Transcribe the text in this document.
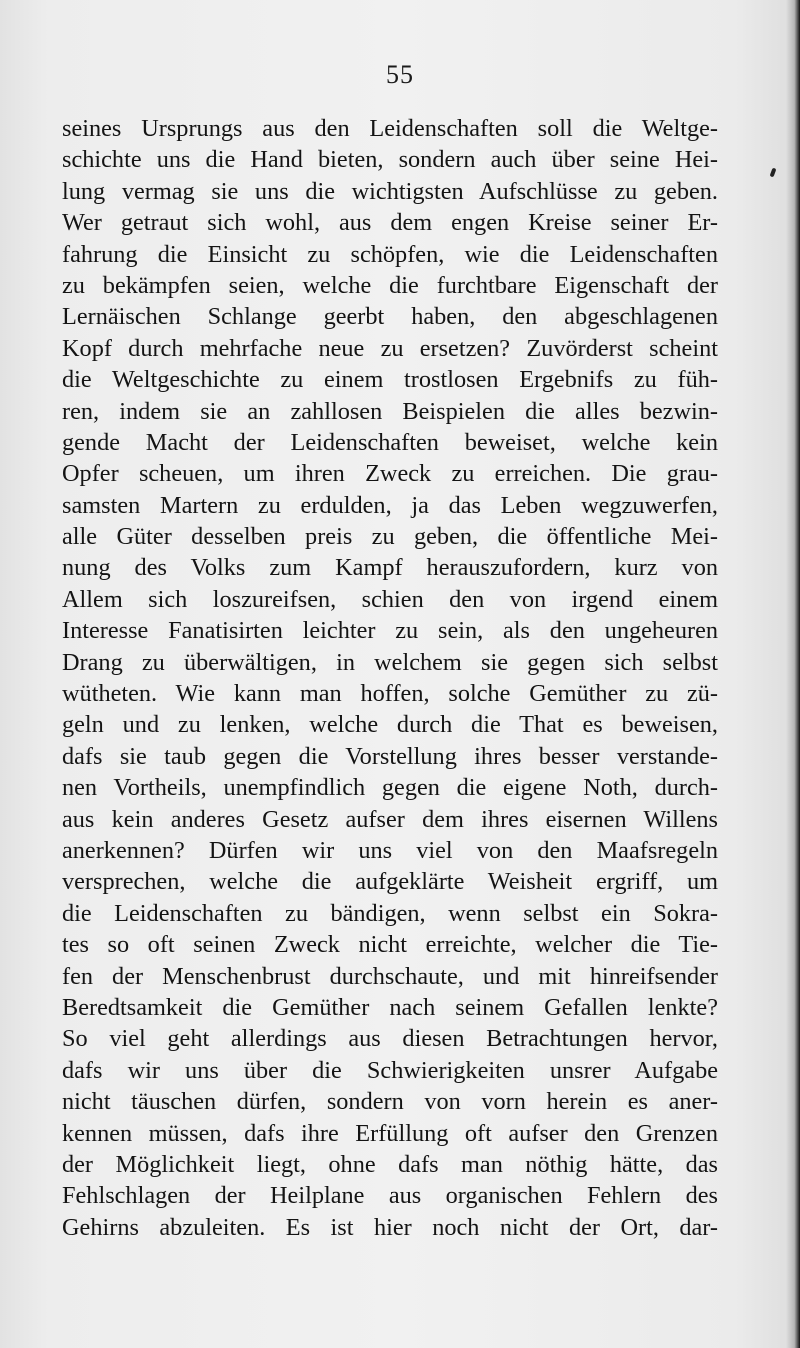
55
seines Ursprungs aus den Leidenschaften soll die Weltge-
schichte uns die Hand bieten, sondern auch über seine Hei-
lung vermag sie uns die wichtigsten Aufschlüsse zu geben.
Wer getraut sich wohl, aus dem engen Kreise seiner Er-
fahrung die Einsicht zu schöpfen, wie die Leidenschaften
zu bekämpfen seien, welche die furchtbare Eigenschaft der
Lernäischen Schlange geerbt haben, den abgeschlagenen
Kopf durch mehrfache neue zu ersetzen? Zuvörderst scheint
die Weltgeschichte zu einem trostlosen Ergebnifs zu füh-
ren, indem sie an zahllosen Beispielen die alles bezwin-
gende Macht der Leidenschaften beweiset, welche kein
Opfer scheuen, um ihren Zweck zu erreichen. Die grau-
samsten Martern zu erdulden, ja das Leben wegzuwerfen,
alle Güter desselben preis zu geben, die öffentliche Mei-
nung des Volks zum Kampf herauszufordern, kurz von
Allem sich loszureifsen, schien den von irgend einem
Interesse Fanatisirten leichter zu sein, als den ungeheuren
Drang zu überwältigen, in welchem sie gegen sich selbst
wütheten. Wie kann man hoffen, solche Gemüther zu zü-
geln und zu lenken, welche durch die That es beweisen,
dafs sie taub gegen die Vorstellung ihres besser verstande-
nen Vortheils, unempfindlich gegen die eigene Noth, durch-
aus kein anderes Gesetz aufser dem ihres eisernen Willens
anerkennen? Dürfen wir uns viel von den Maafsregeln
versprechen, welche die aufgeklärte Weisheit ergriff, um
die Leidenschaften zu bändigen, wenn selbst ein Sokra-
tes so oft seinen Zweck nicht erreichte, welcher die Tie-
fen der Menschenbrust durchschaute, und mit hinreifsender
Beredtsamkeit die Gemüther nach seinem Gefallen lenkte?
So viel geht allerdings aus diesen Betrachtungen hervor,
dafs wir uns über die Schwierigkeiten unsrer Aufgabe
nicht täuschen dürfen, sondern von vorn herein es aner-
kennen müssen, dafs ihre Erfüllung oft aufser den Grenzen
der Möglichkeit liegt, ohne dafs man nöthig hätte, das
Fehlschlagen der Heilplane aus organischen Fehlern des
Gehirns abzuleiten. Es ist hier noch nicht der Ort, dar-
